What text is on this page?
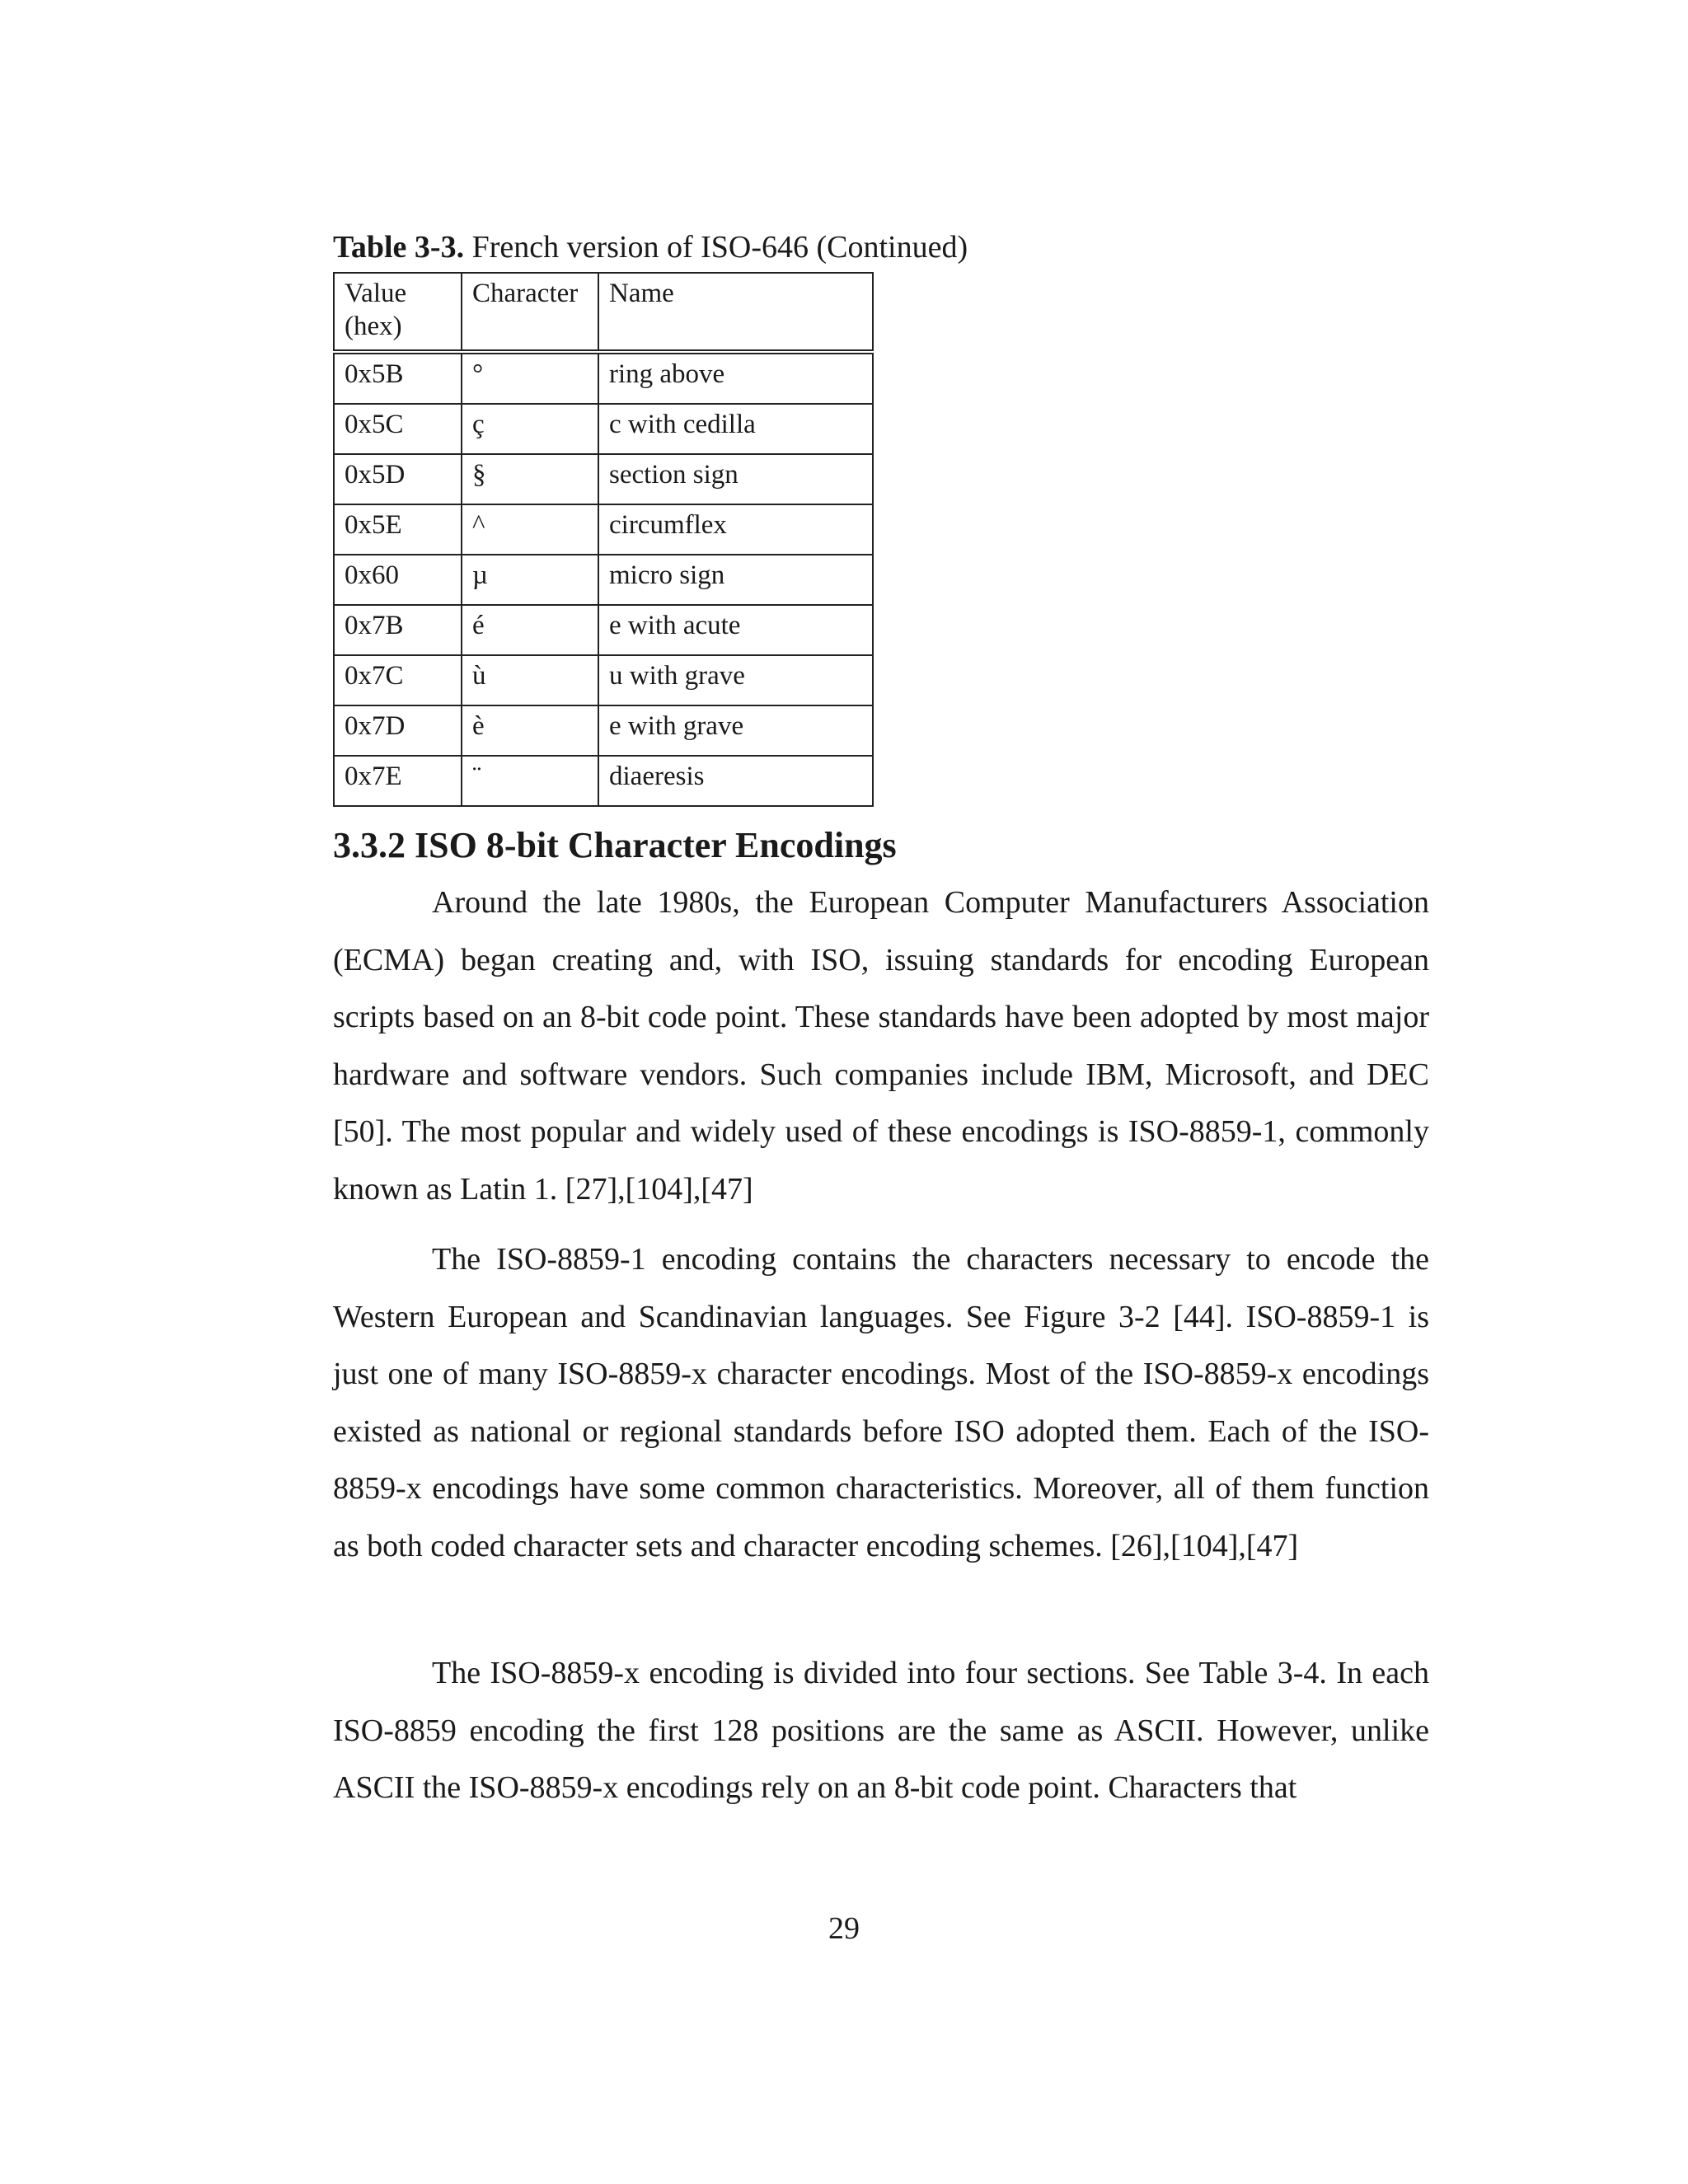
Table 3-3. French version of ISO-646 (Continued)
Value
(hex)	Character	Name
0x5B	°	ring above
0x5C	ç	c with cedilla
0x5D	§	section sign
0x5E	^	circumflex
0x60	µ	micro sign
0x7B	é	e with acute
0x7C	ù	u with grave
0x7D	è	e with grave
0x7E	¨	diaeresis
3.3.2 ISO 8-bit Character Encodings

Around the late 1980s, the European Computer Manufacturers Association (ECMA) began creating and, with ISO, issuing standards for encoding European scripts based on an 8-bit code point. These standards have been adopted by most major hardware and software vendors. Such companies include IBM, Microsoft, and DEC [50]. The most popular and widely used of these encodings is ISO-8859-1, commonly known as Latin 1. [27],[104],[47]

The ISO-8859-1 encoding contains the characters necessary to encode the Western European and Scandinavian languages. See Figure 3-2 [44]. ISO-8859-1 is just one of many ISO-8859-x character encodings. Most of the ISO-8859-x encodings existed as national or regional standards before ISO adopted them. Each of the ISO-8859-x encodings have some common characteristics. Moreover, all of them function as both coded character sets and character encoding schemes. [26],[104],[47]

The ISO-8859-x encoding is divided into four sections. See Table 3-4. In each ISO-8859 encoding the first 128 positions are the same as ASCII. However, unlike ASCII the ISO-8859-x encodings rely on an 8-bit code point. Characters that

29
